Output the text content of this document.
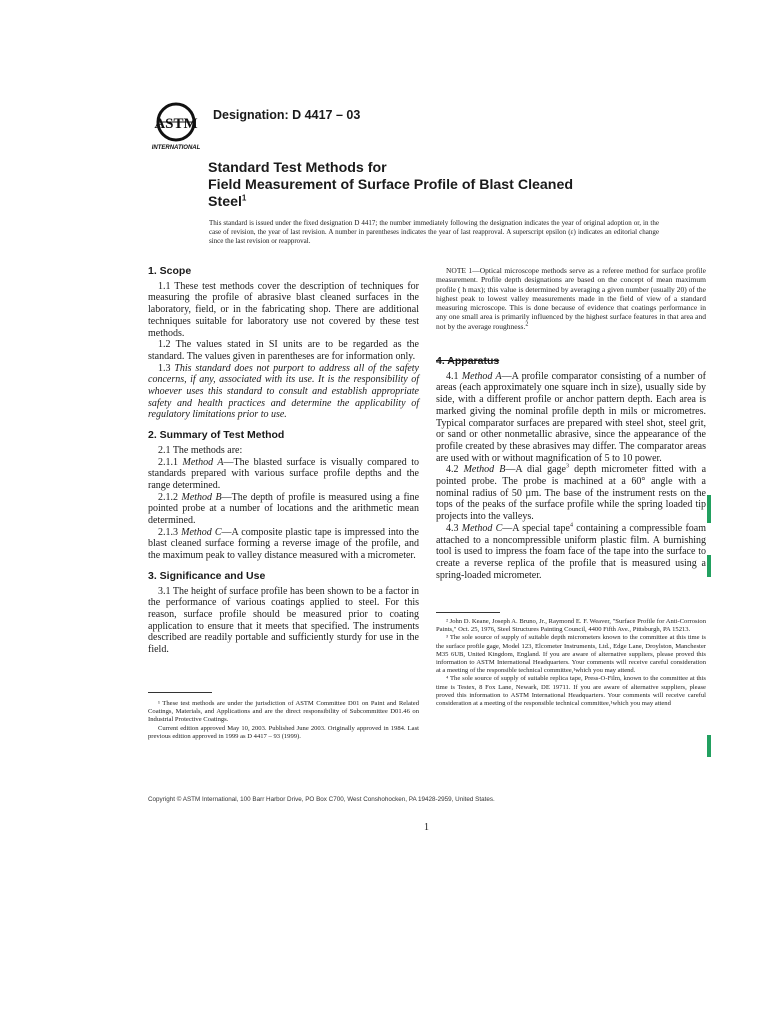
ASTM
INTERNATIONAL
Designation: D 4417 – 03
Standard Test Methods for
Field Measurement of Surface Profile of Blast Cleaned
Steel$^1$
This standard is issued under the fixed designation D 4417; the number immediately following the designation indicates the year of original adoption or, in the case of revision, the year of last revision. A number in parentheses indicates the year of last reapproval. A superscript epsilon (ε) indicates an editorial change since the last revision or reapproval.
1. Scope

1.1 These test methods cover the description of techniques for measuring the profile of abrasive blast cleaned surfaces in the laboratory, field, or in the fabricating shop. There are additional techniques suitable for laboratory use not covered by these test methods.

1.2 The values stated in SI units are to be regarded as the standard. The values given in parentheses are for information only.

1.3 This standard does not purport to address all of the safety concerns, if any, associated with its use. It is the responsibility of whoever uses this standard to consult and establish appropriate safety and health practices and determine the applicability of regulatory limitations prior to use.

2. Summary of Test Method

2.1 The methods are:

2.1.1 Method A—The blasted surface is visually compared to standards prepared with various surface profile depths and the range determined.

2.1.2 Method B—The depth of profile is measured using a fine pointed probe at a number of locations and the arithmetic mean determined.

2.1.3 Method C—A composite plastic tape is impressed into the blast cleaned surface forming a reverse image of the profile, and the maximum peak to valley distance measured with a micrometer.

3. Significance and Use

3.1 The height of surface profile has been shown to be a factor in the performance of various coatings applied to steel. For this reason, surface profile should be measured prior to coating application to ensure that it meets that specified. The instruments described are readily portable and sufficiently sturdy for use in the field.

¹ These test methods are under the jurisdiction of ASTM Committee D01 on Paint and Related Coatings, Materials, and Applications and are the direct responsibility of Subcommittee D01.46 on Industrial Protective Coatings.

Current edition approved May 10, 2003. Published June 2003. Originally approved in 1984. Last previous edition approved in 1999 as D 4417 – 93 (1999).

NOTE 1—Optical microscope methods serve as a referee method for surface profile measurement. Profile depth designations are based on the concept of mean maximum profile ( h max); this value is determined by averaging a given number (usually 20) of the highest peak to lowest valley measurements made in the field of view of a standard measuring microscope. This is done because of evidence that coatings performance in any one small area is primarily influenced by the highest surface features in that area and not by the average roughness.$^2$

4. Apparatus

4.1 Method A—A profile comparator consisting of a number of areas (each approximately one square inch in size), usually side by side, with a different profile or anchor pattern depth. Each area is marked giving the nominal profile depth in mils or micrometres. Typical comparator surfaces are prepared with steel shot, steel grit, or sand or other nonmetallic abrasive, since the appearance of the profile created by these abrasives may differ. The comparator areas are used with or without magnification of 5 to 10 power.

4.2 Method B—A dial gage$^3$ depth micrometer fitted with a pointed probe. The probe is machined at a 60° angle with a nominal radius of 50 µm. The base of the instrument rests on the tops of the peaks of the surface profile while the spring loaded tip projects into the valleys.

4.3 Method C—A special tape$^4$ containing a compressible foam attached to a noncompressible uniform plastic film. A burnishing tool is used to impress the foam face of the tape into the surface to create a reverse replica of the profile that is measured using a spring-loaded micrometer.

² John D. Keane, Joseph A. Bruno, Jr., Raymond E. F. Weaver, "Surface Profile for Anti-Corrosion Paints," Oct. 25, 1976, Steel Structures Painting Council, 4400 Fifth Ave., Pittsburgh, PA 15213.

³ The sole source of supply of suitable depth micrometers known to the committee at this time is the surface profile gage, Model 123, Elcometer Instruments, Ltd., Edge Lane, Droylston, Manchester M35 6UB, United Kingdom, England. If you are aware of alternative suppliers, please proved this information to ASTM International Headquarters. Your comments will receive careful consideration at a meeting of the responsible technical committee,¹which you may attend.

⁴ The sole source of supply of suitable replica tape, Press-O-Film, known to the committee at this time is Testex, 8 Fox Lane, Newark, DE 19711. If you are aware of alternative suppliers, please proved this information to ASTM International Headquarters. Your comments will receive careful consideration at a meeting of the responsible technical committee,¹which you may attend

Copyright © ASTM International, 100 Barr Harbor Drive, PO Box C700, West Conshohocken, PA 19428-2959, United States.
1
